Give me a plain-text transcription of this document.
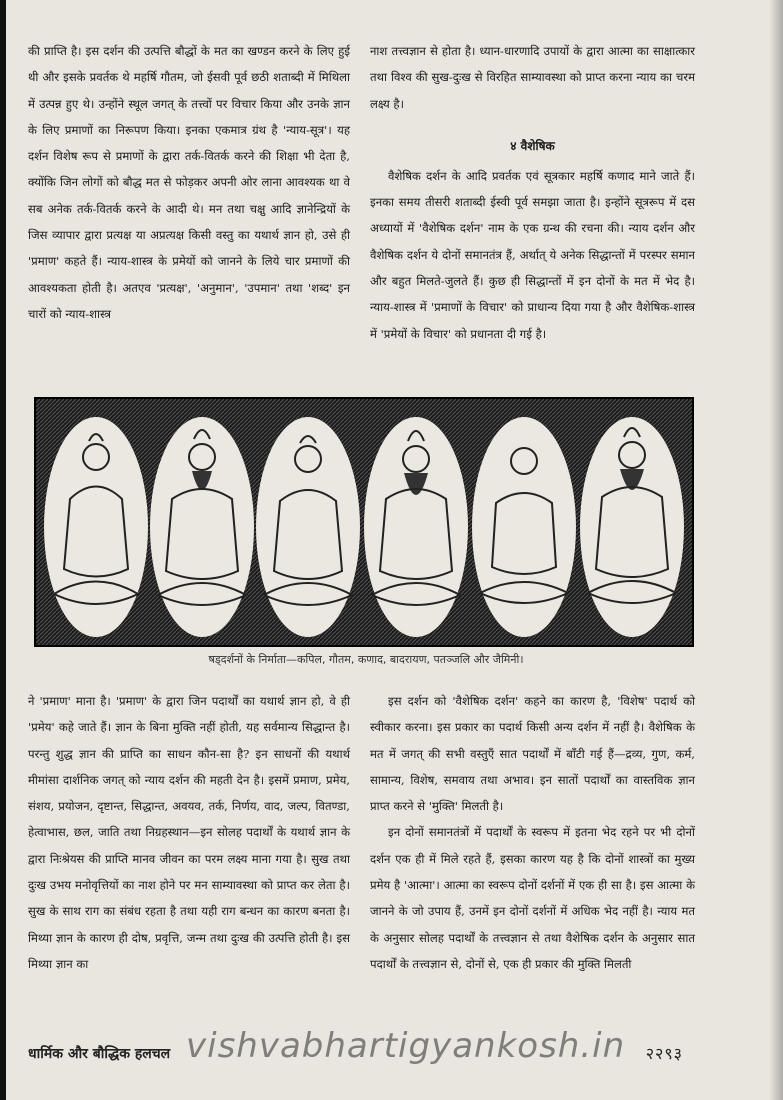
की प्राप्ति है। इस दर्शन की उत्पत्ति बौद्धों के मत का खण्डन करने के लिए हुई थी और इसके प्रवर्तक थे महर्षि गौतम, जो ईसवी पूर्व छठी शताब्दी में मिथिला में उत्पन्न हुए थे। उन्होंने स्थूल जगत् के तत्त्वों पर विचार किया और उनके ज्ञान के लिए प्रमाणों का निरूपण किया। इनका एकमात्र ग्रंथ है 'न्याय-सूत्र'। यह दर्शन विशेष रूप से प्रमाणों के द्वारा तर्क-वितर्क करने की शिक्षा भी देता है, क्योंकि जिन लोगों को बौद्ध मत से फोड़कर अपनी ओर लाना आवश्यक था वे सब अनेक तर्क-वितर्क करने के आदी थे। मन तथा चक्षु आदि ज्ञानेन्द्रियों के जिस व्यापार द्वारा प्रत्यक्ष या अप्रत्यक्ष किसी वस्तु का यथार्थ ज्ञान हो, उसे ही 'प्रमाण' कहते हैं। न्याय-शास्त्र के प्रमेयों को जानने के लिये चार प्रमाणों की आवश्यकता होती है। अतएव 'प्रत्यक्ष', 'अनुमान', 'उपमान' तथा 'शब्द' इन चारों को न्याय-शास्त्र

नाश तत्त्वज्ञान से होता है। ध्यान-धारणादि उपायों के द्वारा आत्मा का साक्षात्कार तथा विश्व की सुख-दुःख से विरहित साम्यावस्था को प्राप्त करना न्याय का चरम लक्ष्य है।

४ वैशेषिक

वैशेषिक दर्शन के आदि प्रवर्तक एवं सूत्रकार महर्षि कणाद माने जाते हैं। इनका समय तीसरी शताब्दी ईस्वी पूर्व समझा जाता है। इन्होंने सूत्ररूप में दस अध्यायों में 'वैशेषिक दर्शन' नाम के एक ग्रन्थ की रचना की। न्याय दर्शन और वैशेषिक दर्शन ये दोनों समानतंत्र हैं, अर्थात् ये अनेक सिद्धान्तों में परस्पर समान और बहुत मिलते-जुलते हैं। कुछ ही सिद्धान्तों में इन दोनों के मत में भेद है। न्याय-शास्त्र में 'प्रमाणों के विचार' को प्राधान्य दिया गया है और वैशेषिक-शास्त्र में 'प्रमेयों के विचार' को प्रधानता दी गई है।

षड्दर्शनों के निर्माता—कपिल, गौतम, कणाद, बादरायण, पतञ्जलि और जैमिनी।

ने 'प्रमाण' माना है। 'प्रमाण' के द्वारा जिन पदार्थों का यथार्थ ज्ञान हो, वे ही 'प्रमेय' कहे जाते हैं। ज्ञान के बिना मुक्ति नहीं होती, यह सर्वमान्य सिद्धान्त है। परन्तु शुद्ध ज्ञान की प्राप्ति का साधन कौन-सा है? इन साधनों की यथार्थ मीमांसा दार्शनिक जगत् को न्याय दर्शन की महती देन है। इसमें प्रमाण, प्रमेय, संशय, प्रयोजन, दृष्टान्त, सिद्धान्त, अवयव, तर्क, निर्णय, वाद, जल्प, वितण्डा, हेत्वाभास, छल, जाति तथा निग्रहस्थान—इन सोलह पदार्थों के यथार्थ ज्ञान के द्वारा निःश्रेयस की प्राप्ति मानव जीवन का परम लक्ष्य माना गया है। सुख तथा दुःख उभय मनोवृत्तियों का नाश होने पर मन साम्यावस्था को प्राप्त कर लेता है। सुख के साथ राग का संबंध रहता है तथा यही राग बन्धन का कारण बनता है। मिथ्या ज्ञान के कारण ही दोष, प्रवृत्ति, जन्म तथा दुःख की उत्पत्ति होती है। इस मिथ्या ज्ञान का

इस दर्शन को 'वैशेषिक दर्शन' कहने का कारण है, 'विशेष' पदार्थ को स्वीकार करना। इस प्रकार का पदार्थ किसी अन्य दर्शन में नहीं है। वैशेषिक के मत में जगत् की सभी वस्तुएँ सात पदार्थों में बाँटी गई हैं—द्रव्य, गुण, कर्म, सामान्य, विशेष, समवाय तथा अभाव। इन सातों पदार्थों का वास्तविक ज्ञान प्राप्त करने से 'मुक्ति' मिलती है।

इन दोनों समानतंत्रों में पदार्थों के स्वरूप में इतना भेद रहने पर भी दोनों दर्शन एक ही में मिले रहते हैं, इसका कारण यह है कि दोनों शास्त्रों का मुख्य प्रमेय है 'आत्मा'। आत्मा का स्वरूप दोनों दर्शनों में एक ही सा है। इस आत्मा के जानने के जो उपाय हैं, उनमें इन दोनों दर्शनों में अधिक भेद नहीं है। न्याय मत के अनुसार सोलह पदार्थों के तत्त्वज्ञान से तथा वैशेषिक दर्शन के अनुसार सात पदार्थों के तत्त्वज्ञान से, दोनों से, एक ही प्रकार की मुक्ति मिलती

धार्मिक और बौद्धिक हलचल	२२९३
vishvabhartigyankosh.in
